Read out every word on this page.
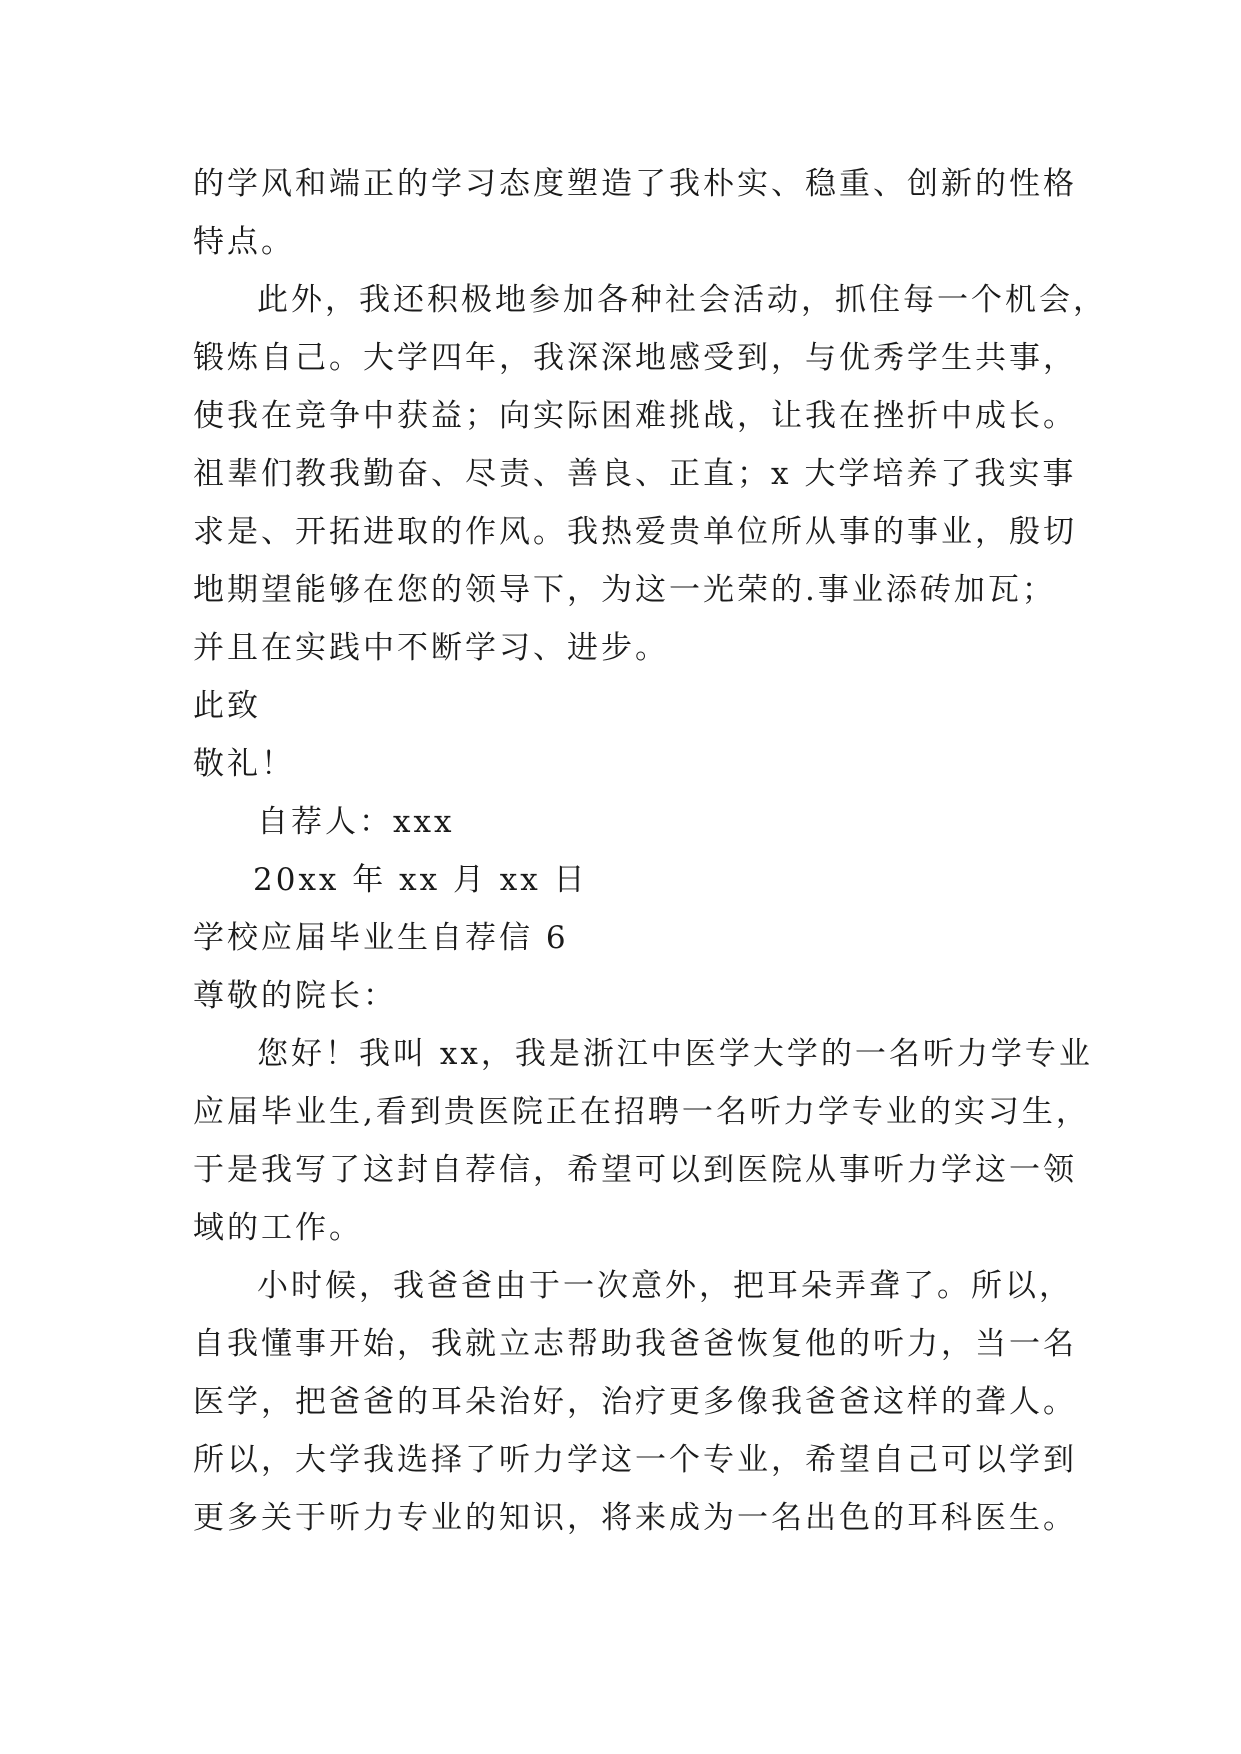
的学风和端正的学习态度塑造了我朴实、稳重、创新的性格

特点。

此外，我还积极地参加各种社会活动，抓住每一个机会，

锻炼自己。大学四年，我深深地感受到，与优秀学生共事，

使我在竞争中获益；向实际困难挑战，让我在挫折中成长。

祖辈们教我勤奋、尽责、善良、正直；x 大学培养了我实事

求是、开拓进取的作风。我热爱贵单位所从事的事业，殷切

地期望能够在您的领导下，为这一光荣的.事业添砖加瓦；

并且在实践中不断学习、进步。

此致

敬礼！

自荐人：xxx

20xx 年 xx 月 xx 日

学校应届毕业生自荐信 6

尊敬的院长：

您好！我叫 xx，我是浙江中医学大学的一名听力学专业

应届毕业生,看到贵医院正在招聘一名听力学专业的实习生，

于是我写了这封自荐信，希望可以到医院从事听力学这一领

域的工作。

小时候，我爸爸由于一次意外，把耳朵弄聋了。所以，

自我懂事开始，我就立志帮助我爸爸恢复他的听力，当一名

医学，把爸爸的耳朵治好，治疗更多像我爸爸这样的聋人。

所以，大学我选择了听力学这一个专业，希望自己可以学到

更多关于听力专业的知识，将来成为一名出色的耳科医生。
